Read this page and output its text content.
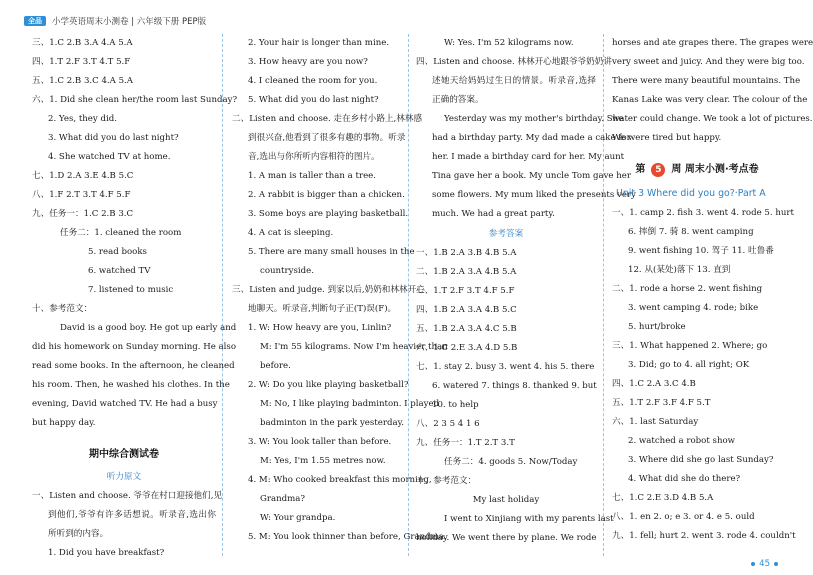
全品	小学英语周末小测卷 | 六年级下册 PEP版
三、1.C 2.B 3.A 4.A 5.A
四、1.T 2.F 3.T 4.T 5.F
五、1.C 2.B 3.C 4.A 5.A
六、1. Did she clean her/the room last Sunday?
2. Yes, they did.
3. What did you do last night?
4. She watched TV at home.
七、1.D 2.A 3.E 4.B 5.C
八、1.F 2.T 3.T 4.F 5.F
九、任务一：1.C 2.B 3.C
任务二：1. cleaned the room
5. read books
6. watched TV
7. listened to music
十、参考范文：
David is a good boy. He got up early and
did his homework on Sunday morning. He also
read some books. In the afternoon, he cleaned
his room. Then, he washed his clothes. In the
evening, David watched TV. He had a busy
but happy day.
期中综合测试卷
听力原文
一、Listen and choose. 爷爷在村口迎接他们,见
到他们,爷爷有许多话想说。听录音,选出你
所听到的内容。
1. Did you have breakfast?
2. Your hair is longer than mine.
3. How heavy are you now?
4. I cleaned the room for you.
5. What did you do last night?
二、Listen and choose. 走在乡村小路上,林林感
到很兴奋,他看到了很多有趣的事物。听录
音,选出与你所听内容相符的图片。
1. A man is taller than a tree.
2. A rabbit is bigger than a chicken.
3. Some boys are playing basketball.
4. A cat is sleeping.
5. There are many small houses in the
countryside.
三、Listen and judge. 到家以后,奶奶和林林开心
地聊天。听录音,判断句子正(T)误(F)。
1. W: How heavy are you, Linlin?
M: I'm 55 kilograms. Now I'm heavier than
before.
2. W: Do you like playing basketball?
M: No, I like playing badminton. I played
badminton in the park yesterday.
3. W: You look taller than before.
M: Yes, I'm 1.55 metres now.
4. M: Who cooked breakfast this morning,
Grandma?
W: Your grandpa.
5. M: You look thinner than before, Grandma.
W: Yes. I'm 52 kilograms now.
四、Listen and choose. 林林开心地跟爷爷奶奶讲
述她天给妈妈过生日的情景。听录音,选择
正确的答案。
Yesterday was my mother's birthday. She
had a birthday party. My dad made a cake for
her. I made a birthday card for her. My aunt
Tina gave her a book. My uncle Tom gave her
some flowers. My mum liked the presents very
much. We had a great party.
参考答案
一、1.B 2.A 3.B 4.B 5.A
二、1.B 2.A 3.A 4.B 5.A
三、1.T 2.F 3.T 4.F 5.F
四、1.B 2.A 3.A 4.B 5.C
五、1.B 2.A 3.A 4.C 5.B
六、1.C 2.E 3.A 4.D 5.B
七、1. stay 2. busy 3. went 4. his 5. there
6. watered 7. things 8. thanked 9. but
10. to help
八、2 3 5 4 1 6
九、任务一：1.T 2.T 3.T
任务二：4. goods 5. Now/Today
十、参考范文：
My last holiday
I went to Xinjiang with my parents last
holiday. We went there by plane. We rode
horses and ate grapes there. The grapes were
very sweet and juicy. And they were big too.
There were many beautiful mountains. The
Kanas Lake was very clear. The colour of the
water could change. We took a lot of pictures.
We were tired but happy.
第	5 周 周末小测·考点卷
Unit 3 Where did you go?·Part A
一、1. camp 2. fish 3. went 4. rode 5. hurt
6. 摔倒 7. 骑 8. went camping
9. went fishing 10. 驾子 11. 吐鲁番
12. 从(某处)落下 13. 直到
二、1. rode a horse 2. went fishing
3. went camping 4. rode; bike
5. hurt/broke
三、1. What happened 2. Where; go
3. Did; go to 4. all right; OK
四、1.C 2.A 3.C 4.B
五、1.T 2.F 3.F 4.F 5.T
六、1. last Saturday
2. watched a robot show
3. Where did she go last Sunday?
4. What did she do there?
七、1.C 2.E 3.D 4.B 5.A
八、1. en 2. o; e 3. or 4. e 5. ould
九、1. fell; hurt 2. went 3. rode 4. couldn't
45
